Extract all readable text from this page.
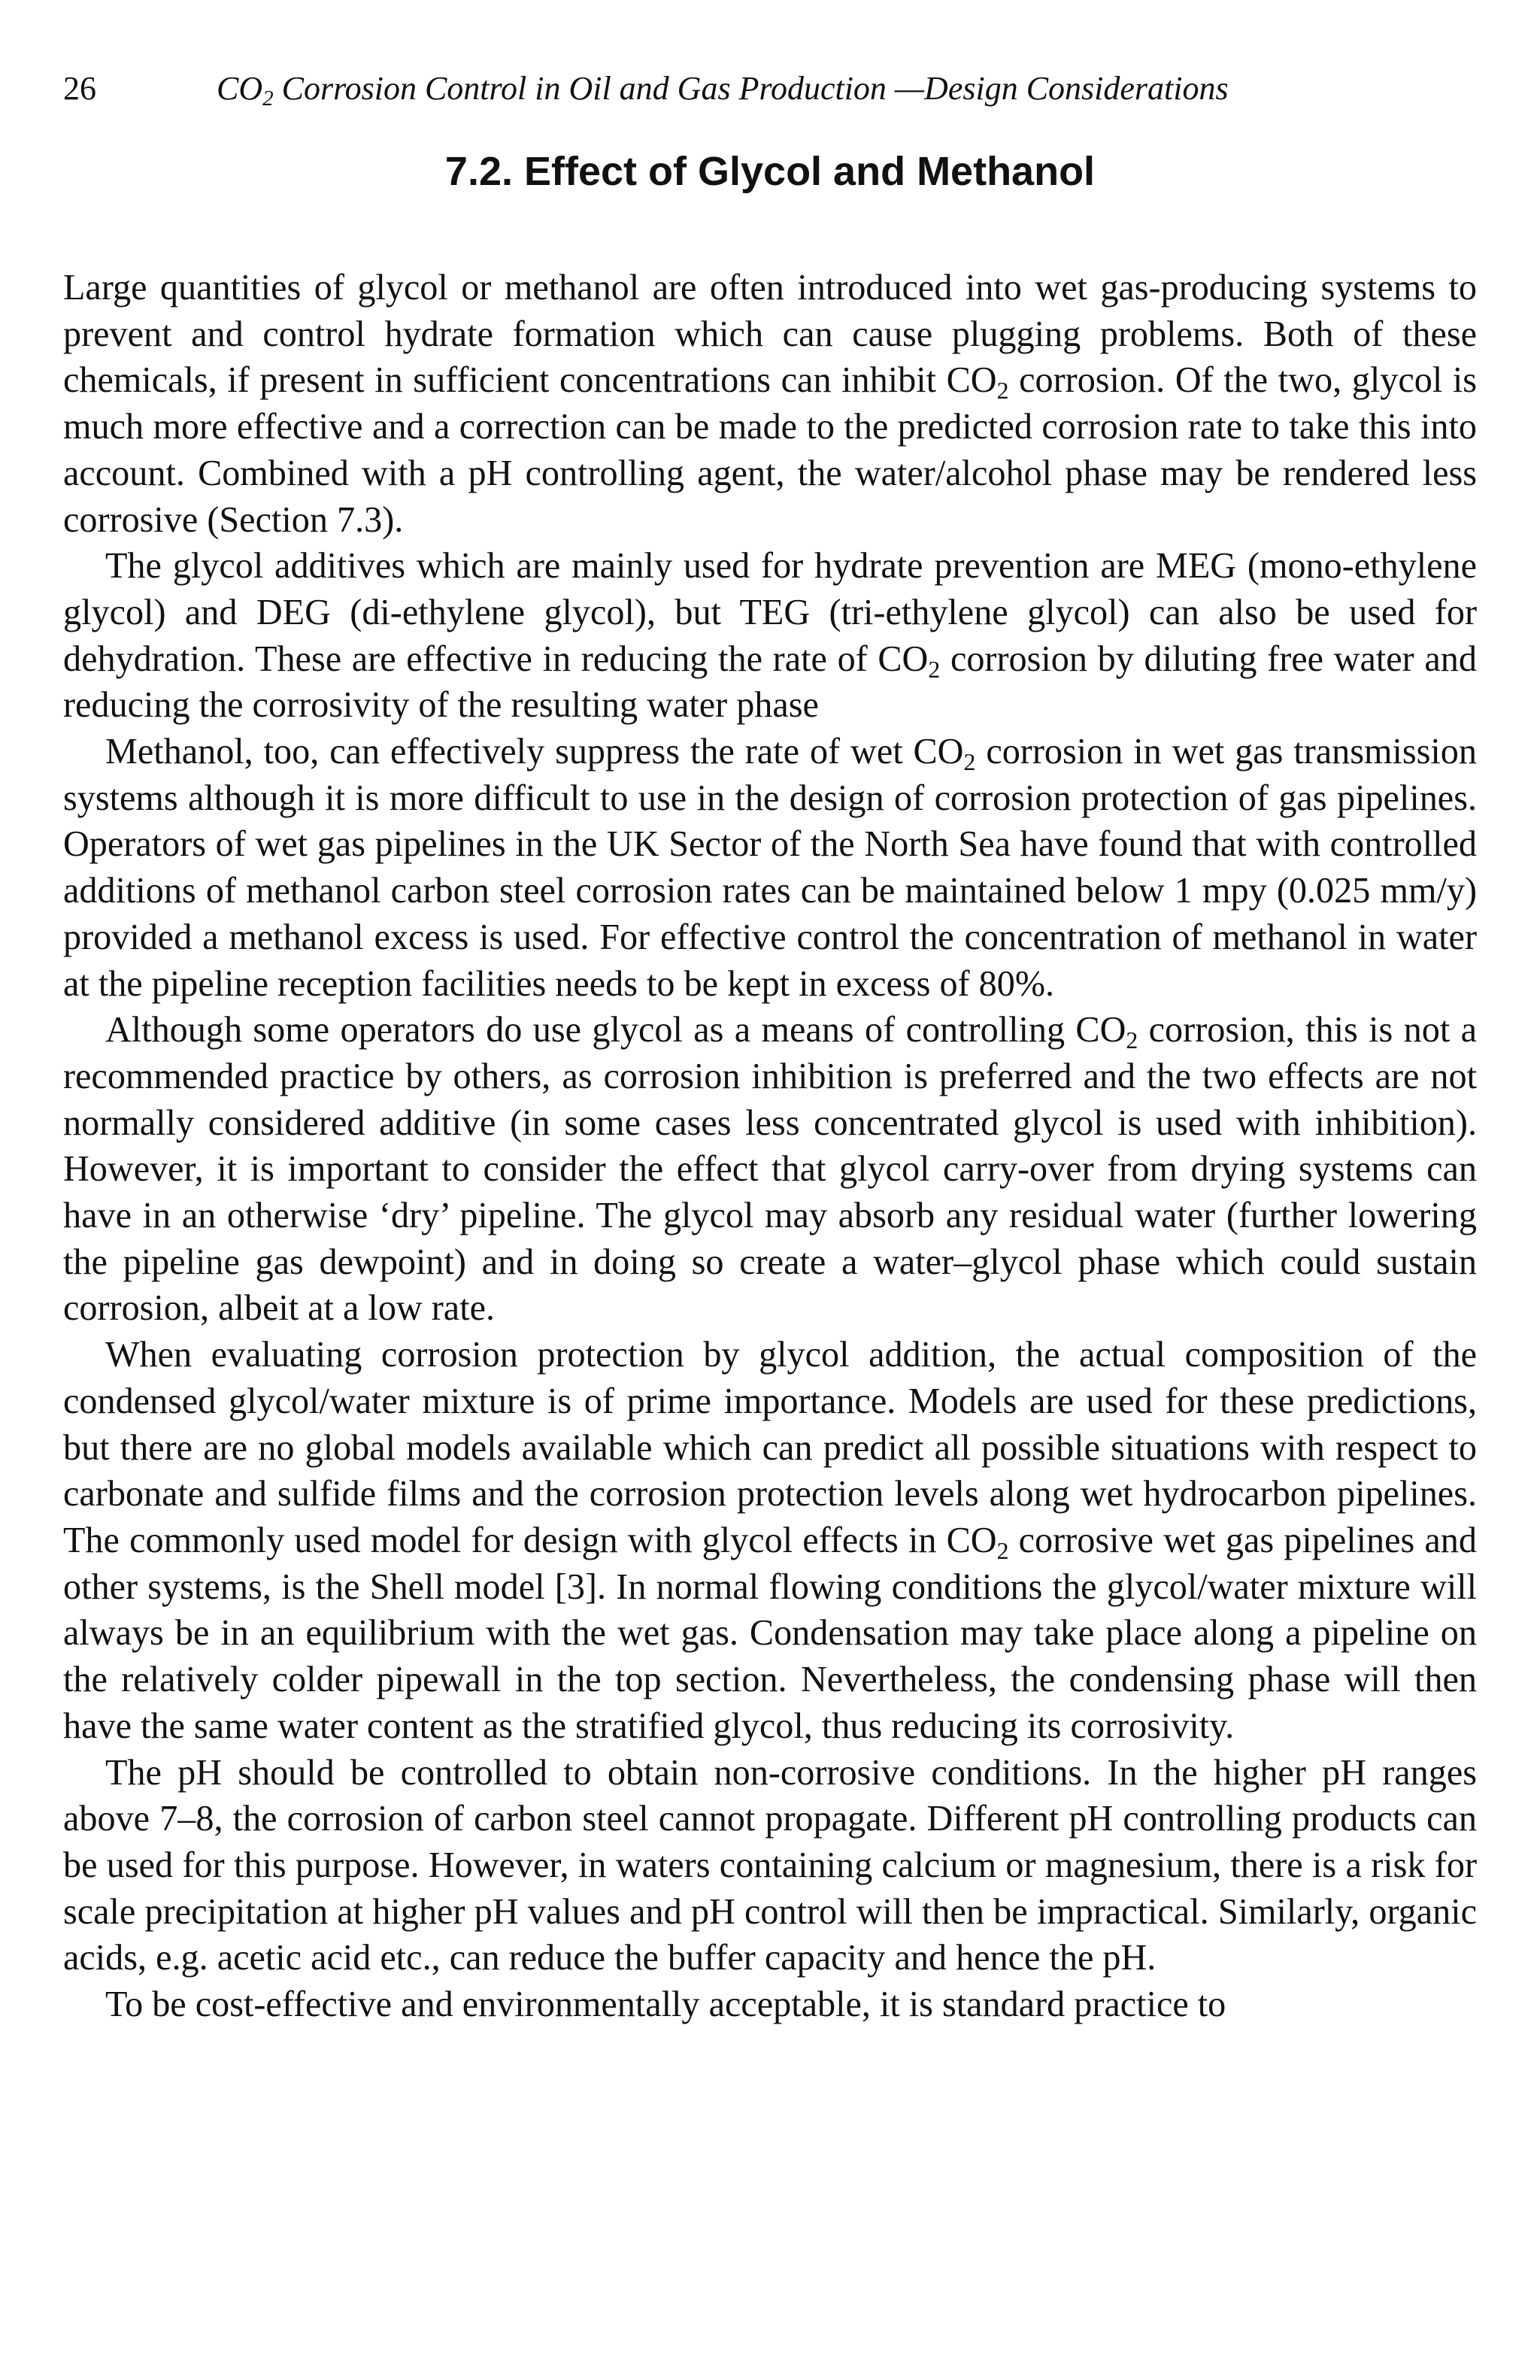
26	$CO_2$ Corrosion Control in Oil and Gas Production —Design Considerations
7.2. Effect of Glycol and Methanol

Large quantities of glycol or methanol are often introduced into wet gas-producing systems to prevent and control hydrate formation which can cause plugging problems. Both of these chemicals, if present in sufficient concentrations can inhibit $CO_2$ corrosion. Of the two, glycol is much more effective and a correction can be made to the predicted corrosion rate to take this into account. Combined with a pH controlling agent, the water/alcohol phase may be rendered less corrosive (Section 7.3).

The glycol additives which are mainly used for hydrate prevention are MEG (mono-ethylene glycol) and DEG (di-ethylene glycol), but TEG (tri-ethylene glycol) can also be used for dehydration. These are effective in reducing the rate of $CO_2$ corrosion by diluting free water and reducing the corrosivity of the resulting water phase

Methanol, too, can effectively suppress the rate of wet $CO_2$ corrosion in wet gas transmission systems although it is more difficult to use in the design of corrosion protection of gas pipelines. Operators of wet gas pipelines in the UK Sector of the North Sea have found that with controlled additions of methanol carbon steel corrosion rates can be maintained below 1 mpy (0.025 mm/y) provided a methanol excess is used. For effective control the concentration of methanol in water at the pipeline reception facilities needs to be kept in excess of 80%.

Although some operators do use glycol as a means of controlling $CO_2$ corrosion, this is not a recommended practice by others, as corrosion inhibition is preferred and the two effects are not normally considered additive (in some cases less concentrated glycol is used with inhibition). However, it is important to consider the effect that glycol carry-over from drying systems can have in an otherwise ‘dry’ pipeline. The glycol may absorb any residual water (further lowering the pipeline gas dewpoint) and in doing so create a water–glycol phase which could sustain corrosion, albeit at a low rate.

When evaluating corrosion protection by glycol addition, the actual composition of the condensed glycol/water mixture is of prime importance. Models are used for these predictions, but there are no global models available which can predict all possible situations with respect to carbonate and sulfide films and the corrosion protection levels along wet hydrocarbon pipelines. The commonly used model for design with glycol effects in $CO_2$ corrosive wet gas pipelines and other systems, is the Shell model [3]. In normal flowing conditions the glycol/water mixture will always be in an equilibrium with the wet gas. Condensation may take place along a pipeline on the relatively colder pipewall in the top section. Nevertheless, the condensing phase will then have the same water content as the stratified glycol, thus reducing its corrosivity.

The pH should be controlled to obtain non-corrosive conditions. In the higher pH ranges above 7–8, the corrosion of carbon steel cannot propagate. Different pH controlling products can be used for this purpose. However, in waters containing calcium or magnesium, there is a risk for scale precipitation at higher pH values and pH control will then be impractical. Similarly, organic acids, e.g. acetic acid etc., can reduce the buffer capacity and hence the pH.

To be cost-effective and environmentally acceptable, it is standard practice to
